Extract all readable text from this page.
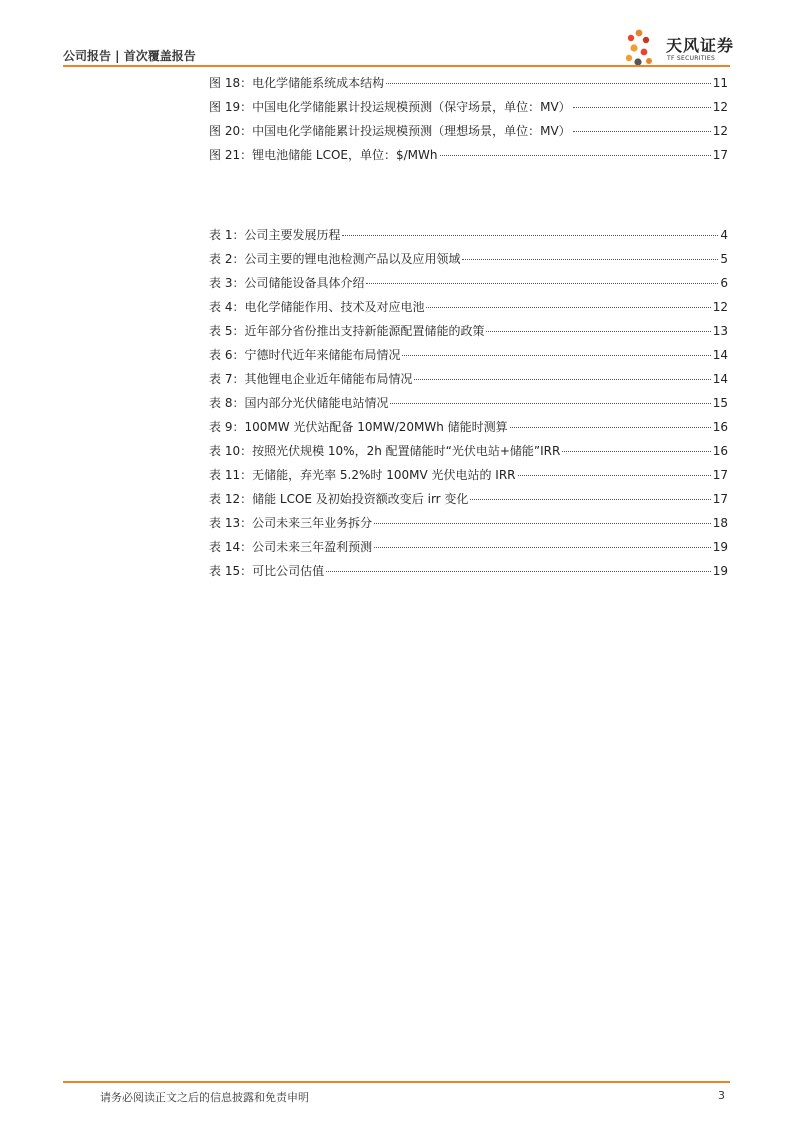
公司报告 | 首次覆盖报告
天风证券
TF SECURITIES
图 18：电化学储能系统成本结构	11
图 19：中国电化学储能累计投运规模预测（保守场景，单位：MV）	12
图 20：中国电化学储能累计投运规模预测（理想场景，单位：MV）	12
图 21：锂电池储能 LCOE，单位：$/MWh	17
表 1：公司主要发展历程	4
表 2：公司主要的锂电池检测产品以及应用领域	5
表 3：公司储能设备具体介绍	6
表 4：电化学储能作用、技术及对应电池	12
表 5：近年部分省份推出支持新能源配置储能的政策	13
表 6：宁德时代近年来储能布局情况	14
表 7：其他锂电企业近年储能布局情况	14
表 8：国内部分光伏储能电站情况	15
表 9：100MW 光伏站配备 10MW/20MWh 储能时测算	16
表 10：按照光伏规模 10%，2h 配置储能时“光伏电站+储能”IRR	16
表 11：无储能，弃光率 5.2%时 100MV 光伏电站的 IRR	17
表 12：储能 LCOE 及初始投资额改变后 irr 变化	17
表 13：公司未来三年业务拆分	18
表 14：公司未来三年盈利预测	19
表 15：可比公司估值	19
请务必阅读正文之后的信息披露和免责申明	3
